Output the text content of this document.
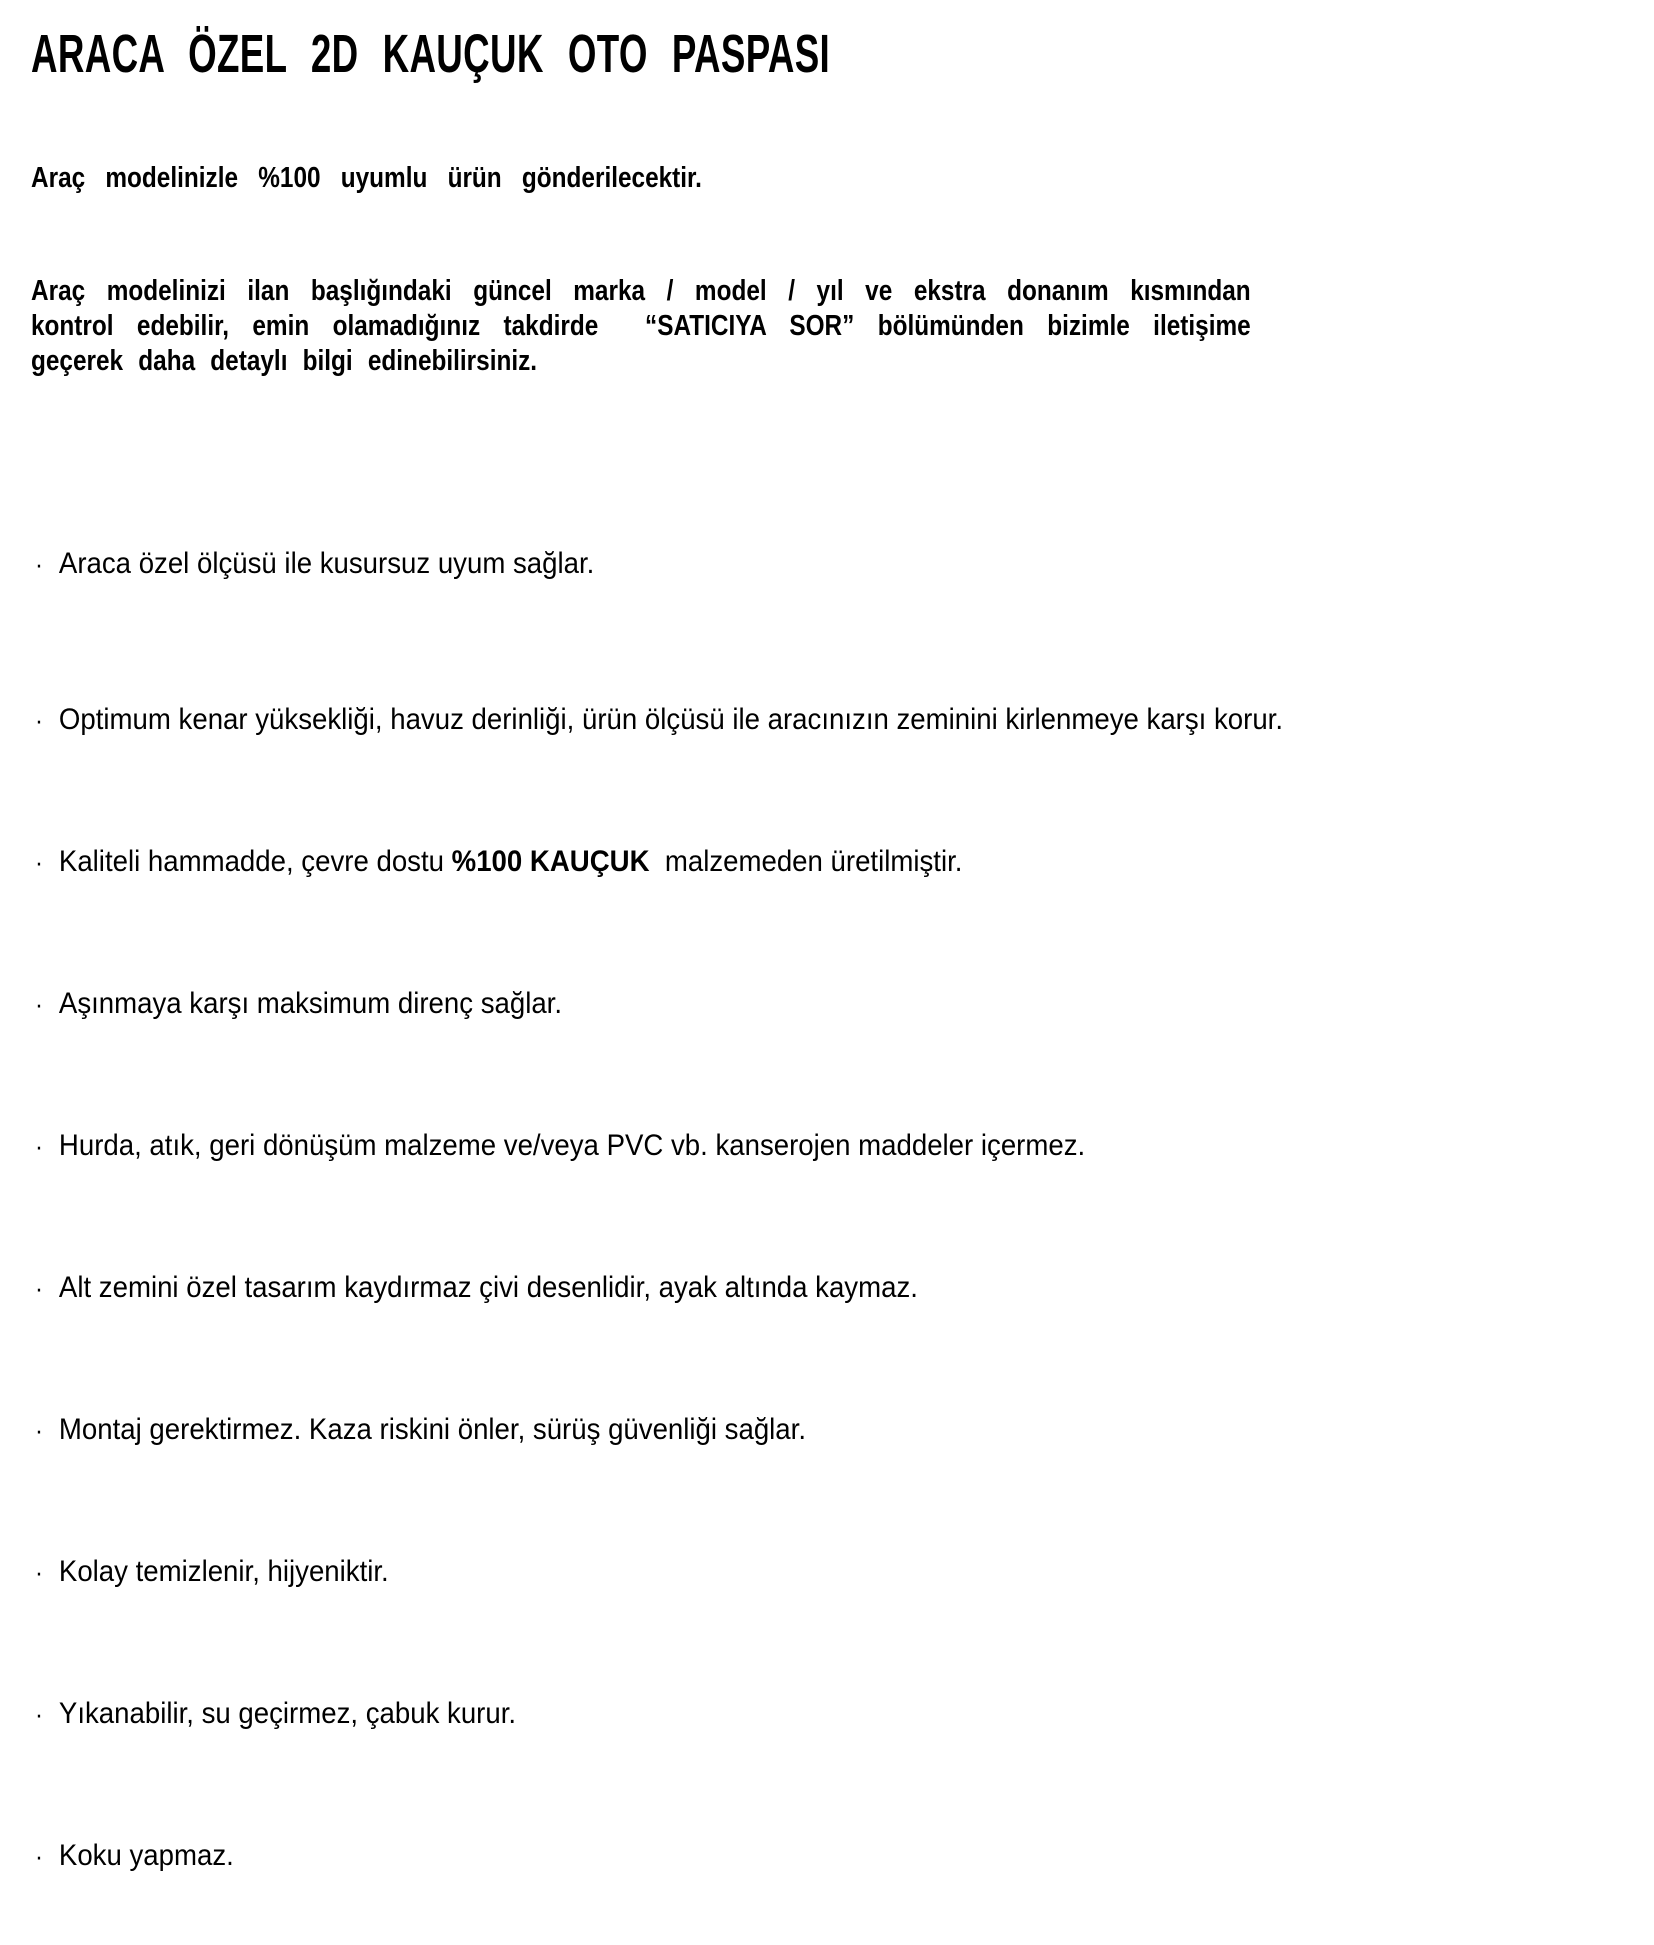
ARACA ÖZEL 2D KAUÇUK OTO PASPASI

Araç modelinizle %100 uyumlu ürün gönderilecektir.

Araç modelinizi ilan başlığındaki güncel marka / model / yıl ve ekstra donanım kısmından
kontrol edebilir, emin olamadığınız takdirde  “SATICIYA SOR” bölümünden bizimle iletişime
geçerek daha detaylı bilgi edinebilirsiniz.
· Araca özel ölçüsü ile kusursuz uyum sağlar.
· Optimum kenar yüksekliği, havuz derinliği, ürün ölçüsü ile aracınızın zeminini kirlenmeye karşı korur.
· Kaliteli hammadde, çevre dostu %100 KAUÇUK  malzemeden üretilmiştir.
· Aşınmaya karşı maksimum direnç sağlar.
· Hurda, atık, geri dönüşüm malzeme ve/veya PVC vb. kanserojen maddeler içermez.
· Alt zemini özel tasarım kaydırmaz çivi desenlidir, ayak altında kaymaz.
· Montaj gerektirmez. Kaza riskini önler, sürüş güvenliği sağlar.
· Kolay temizlenir, hijyeniktir.
· Yıkanabilir, su geçirmez, çabuk kurur.
· Koku yapmaz.
